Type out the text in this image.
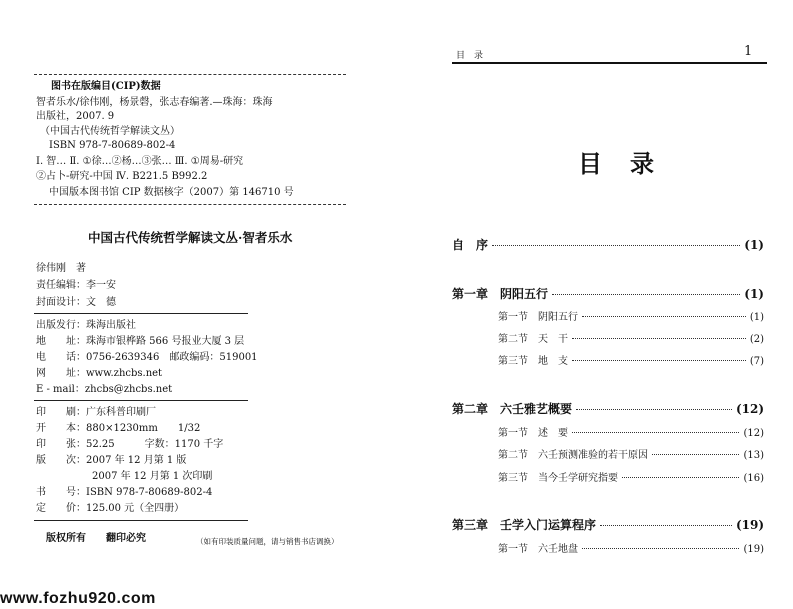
图书在版编目(CIP)数据
智者乐水/徐伟刚，杨景磬，张志春编著.—珠海：珠海
出版社，2007. 9
（中国古代传统哲学解读文丛）
ISBN 978-7-80689-802-4
Ⅰ. 智… Ⅱ. ①徐…②杨…③张… Ⅲ. ①周易-研究
②占卜-研究-中国 Ⅳ. B221.5 B992.2
中国版本图书馆 CIP 数据核字（2007）第 146710 号
中国古代传统哲学解读文丛·智者乐水
徐伟刚　著
责任编辑：李一安
封面设计：文　德
出版发行：珠海出版社
地　　址：珠海市银桦路 566 号报业大厦 3 层
电　　话：0756-2639346　邮政编码：519001
网　　址：www.zhcbs.net
E - mail：zhcbs@zhcbs.net
印　　刷：广东科普印刷厂
开　　本：880×1230mm　　1/32
印　　张：52.25　　　字数：1170 千字
版　　次：2007 年 12 月第 1 版
2007 年 12 月第 1 次印刷
书　　号：ISBN 978-7-80689-802-4
定　　价：125.00 元（全四册）
版权所有　　翻印必究	（如有印装质量问题，请与销售书店调换）
目　录	1
目　录
自　序	(1)
第一章　阴阳五行	(1)
第一节　阴阳五行	(1)
第二节　天　干	(2)
第三节　地　支	(7)
第二章　六壬雅艺概要	(12)
第一节　述　要	(12)
第二节　六壬预测准验的若干原因	(13)
第三节　当今壬学研究指要	(16)
第三章　壬学入门运算程序	(19)
第一节　六壬地盘	(19)
www.fozhu920.com
